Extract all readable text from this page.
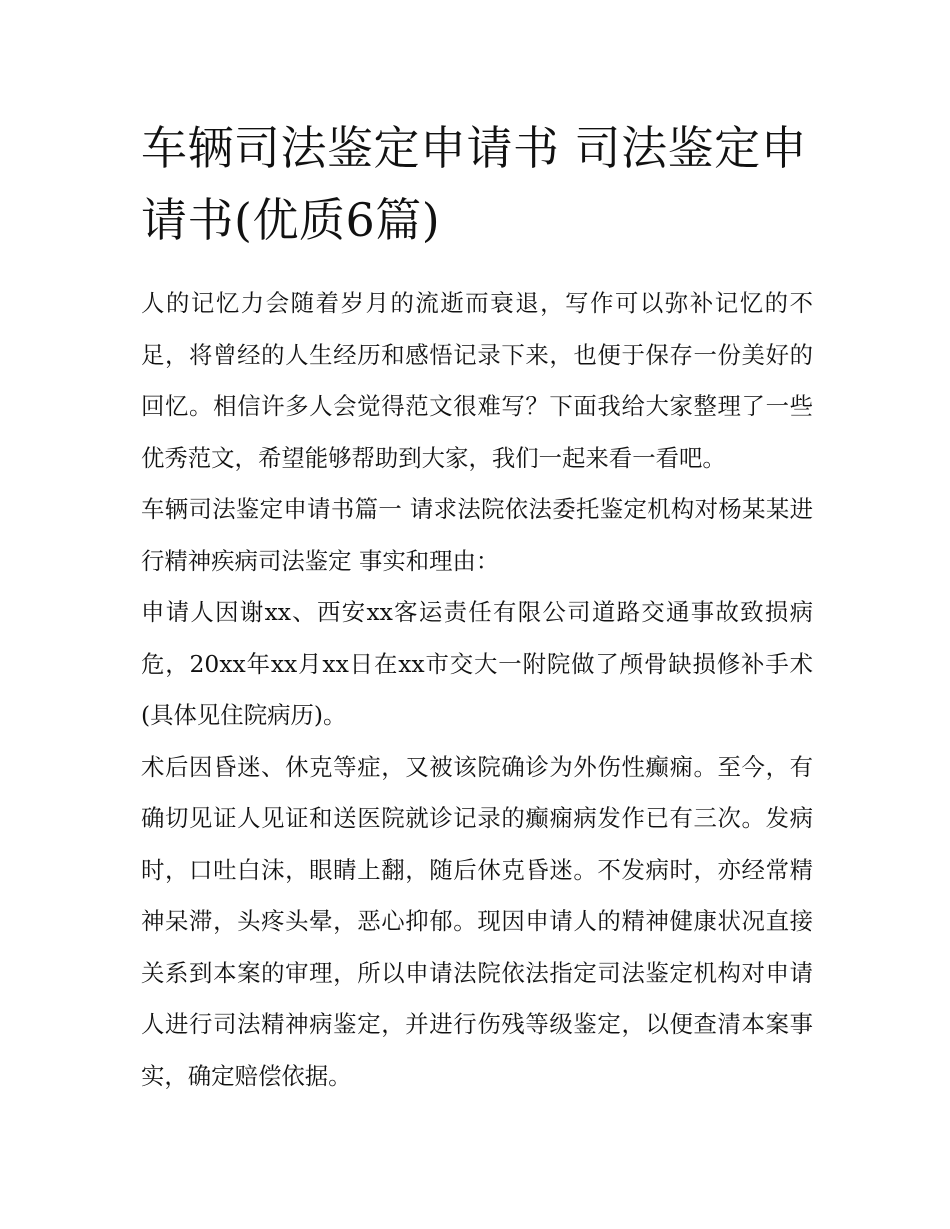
车辆司法鉴定申请书 司法鉴定申请书(优质6篇)

人的记忆力会随着岁月的流逝而衰退，写作可以弥补记忆的不足，将曾经的人生经历和感悟记录下来，也便于保存一份美好的回忆。相信许多人会觉得范文很难写？下面我给大家整理了一些优秀范文，希望能够帮助到大家，我们一起来看一看吧。

车辆司法鉴定申请书篇一 请求法院依法委托鉴定机构对杨某某进行精神疾病司法鉴定 事实和理由：

申请人因谢xx、西安xx客运责任有限公司道路交通事故致损病危，20xx年xx月xx日在xx市交大一附院做了颅骨缺损修补手术(具体见住院病历)。

术后因昏迷、休克等症，又被该院确诊为外伤性癫痫。至今，有确切见证人见证和送医院就诊记录的癫痫病发作已有三次。发病时，口吐白沫，眼睛上翻，随后休克昏迷。不发病时，亦经常精神呆滞，头疼头晕，恶心抑郁。现因申请人的精神健康状况直接关系到本案的审理，所以申请法院依法指定司法鉴定机构对申请人进行司法精神病鉴定，并进行伤残等级鉴定，以便查清本案事实，确定赔偿依据。
